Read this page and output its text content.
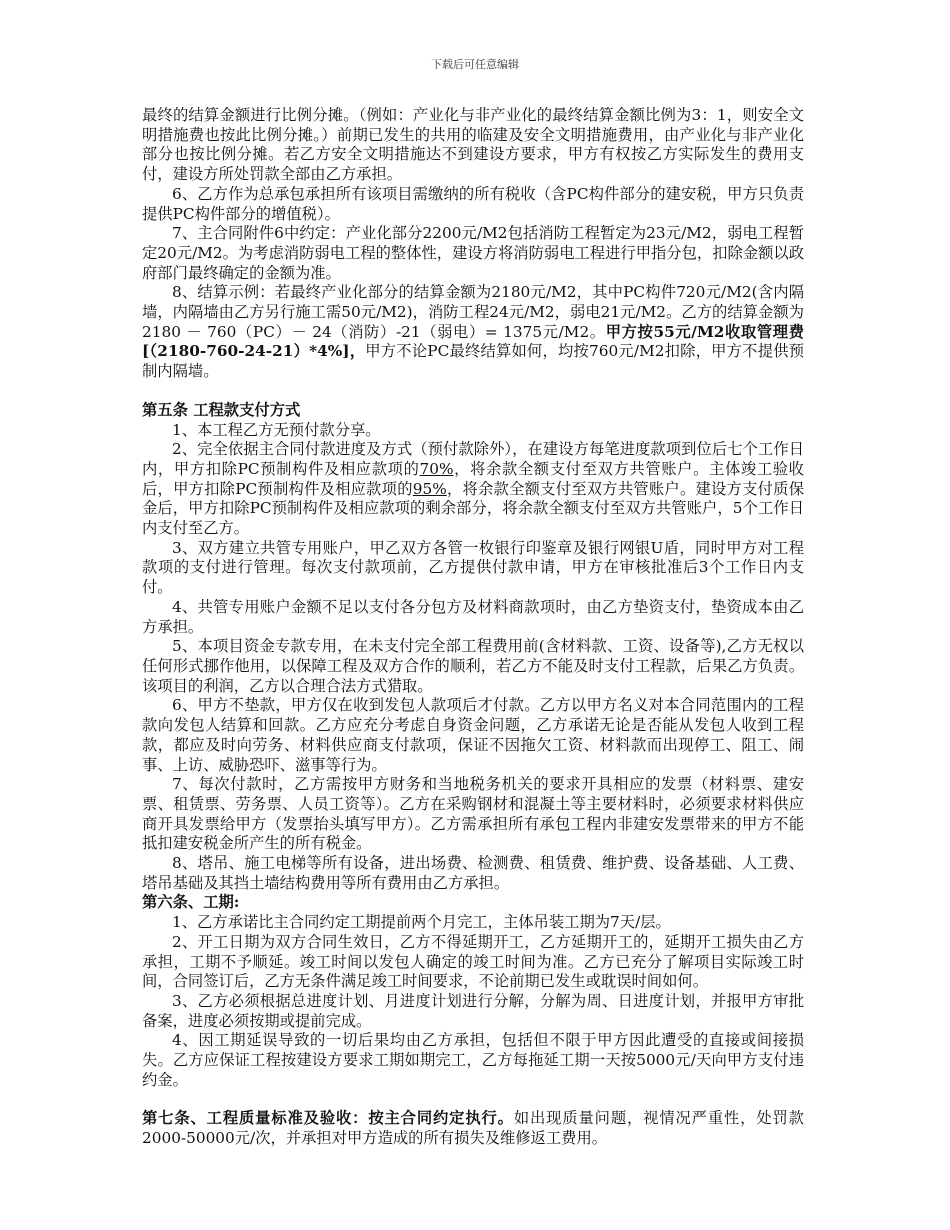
下载后可任意编辑

最终的结算金额进行比例分摊。（例如：产业化与非产业化的最终结算金额比例为3：1，则安全文明措施费也按此比例分摊。）前期已发生的共用的临建及安全文明措施费用，由产业化与非产业化部分也按比例分摊。若乙方安全文明措施达不到建设方要求，甲方有权按乙方实际发生的费用支付，建设方所处罚款全部由乙方承担。

6、乙方作为总承包承担所有该项目需缴纳的所有税收（含PC构件部分的建安税，甲方只负责提供PC构件部分的增值税）。

7、主合同附件6中约定：产业化部分2200元/M2包括消防工程暂定为23元/M2，弱电工程暂定20元/M2。为考虑消防弱电工程的整体性，建设方将消防弱电工程进行甲指分包，扣除金额以政府部门最终确定的金额为准。

8、结算示例：若最终产业化部分的结算金额为2180元/M2，其中PC构件720元/M2(含内隔墙，内隔墙由乙方另行施工需50元/M2)，消防工程24元/M2，弱电21元/M2。乙方的结算金额为2180 － 760（PC）－ 24（消防）-21（弱电）= 1375元/M2。甲方按55元/M2收取管理费[（2180-760-24-21）*4%]，甲方不论PC最终结算如何，均按760元/M2扣除，甲方不提供预制内隔墙。

第五条 工程款支付方式

1、本工程乙方无预付款分享。

2、完全依据主合同付款进度及方式（预付款除外），在建设方每笔进度款项到位后七个工作日内，甲方扣除PC预制构件及相应款项的70%，将余款全额支付至双方共管账户。主体竣工验收后，甲方扣除PC预制构件及相应款项的95%，将余款全额支付至双方共管账户。建设方支付质保金后，甲方扣除PC预制构件及相应款项的剩余部分，将余款全额支付至双方共管账户，5个工作日内支付至乙方。

3、双方建立共管专用账户，甲乙双方各管一枚银行印鉴章及银行网银U盾，同时甲方对工程款项的支付进行管理。每次支付款项前，乙方提供付款申请，甲方在审核批准后3个工作日内支付。

4、共管专用账户金额不足以支付各分包方及材料商款项时，由乙方垫资支付，垫资成本由乙方承担。

5、本项目资金专款专用，在未支付完全部工程费用前(含材料款、工资、设备等),乙方无权以任何形式挪作他用，以保障工程及双方合作的顺利，若乙方不能及时支付工程款，后果乙方负责。该项目的利润，乙方以合理合法方式猎取。

6、甲方不垫款，甲方仅在收到发包人款项后才付款。乙方以甲方名义对本合同范围内的工程款向发包人结算和回款。乙方应充分考虑自身资金问题，乙方承诺无论是否能从发包人收到工程款，都应及时向劳务、材料供应商支付款项，保证不因拖欠工资、材料款而出现停工、阻工、闹事、上访、威胁恐吓、滋事等行为。

7、每次付款时，乙方需按甲方财务和当地税务机关的要求开具相应的发票（材料票、建安票、租赁票、劳务票、人员工资等）。乙方在采购钢材和混凝土等主要材料时，必须要求材料供应商开具发票给甲方（发票抬头填写甲方）。乙方需承担所有承包工程内非建安发票带来的甲方不能抵扣建安税金所产生的所有税金。

8、塔吊、施工电梯等所有设备，进出场费、检测费、租赁费、维护费、设备基础、人工费、塔吊基础及其挡土墙结构费用等所有费用由乙方承担。

第六条、工期:

1、乙方承诺比主合同约定工期提前两个月完工，主体吊装工期为7天/层。

2、开工日期为双方合同生效日，乙方不得延期开工，乙方延期开工的，延期开工损失由乙方承担，工期不予顺延。竣工时间以发包人确定的竣工时间为准。乙方已充分了解项目实际竣工时间，合同签订后，乙方无条件满足竣工时间要求，不论前期已发生或耽误时间如何。

3、乙方必须根据总进度计划、月进度计划进行分解，分解为周、日进度计划，并报甲方审批备案，进度必须按期或提前完成。

4、因工期延误导致的一切后果均由乙方承担，包括但不限于甲方因此遭受的直接或间接损失。乙方应保证工程按建设方要求工期如期完工，乙方每拖延工期一天按5000元/天向甲方支付违约金。

第七条、工程质量标准及验收：按主合同约定执行。如出现质量问题，视情况严重性，处罚款2000-50000元/次，并承担对甲方造成的所有损失及维修返工费用。
